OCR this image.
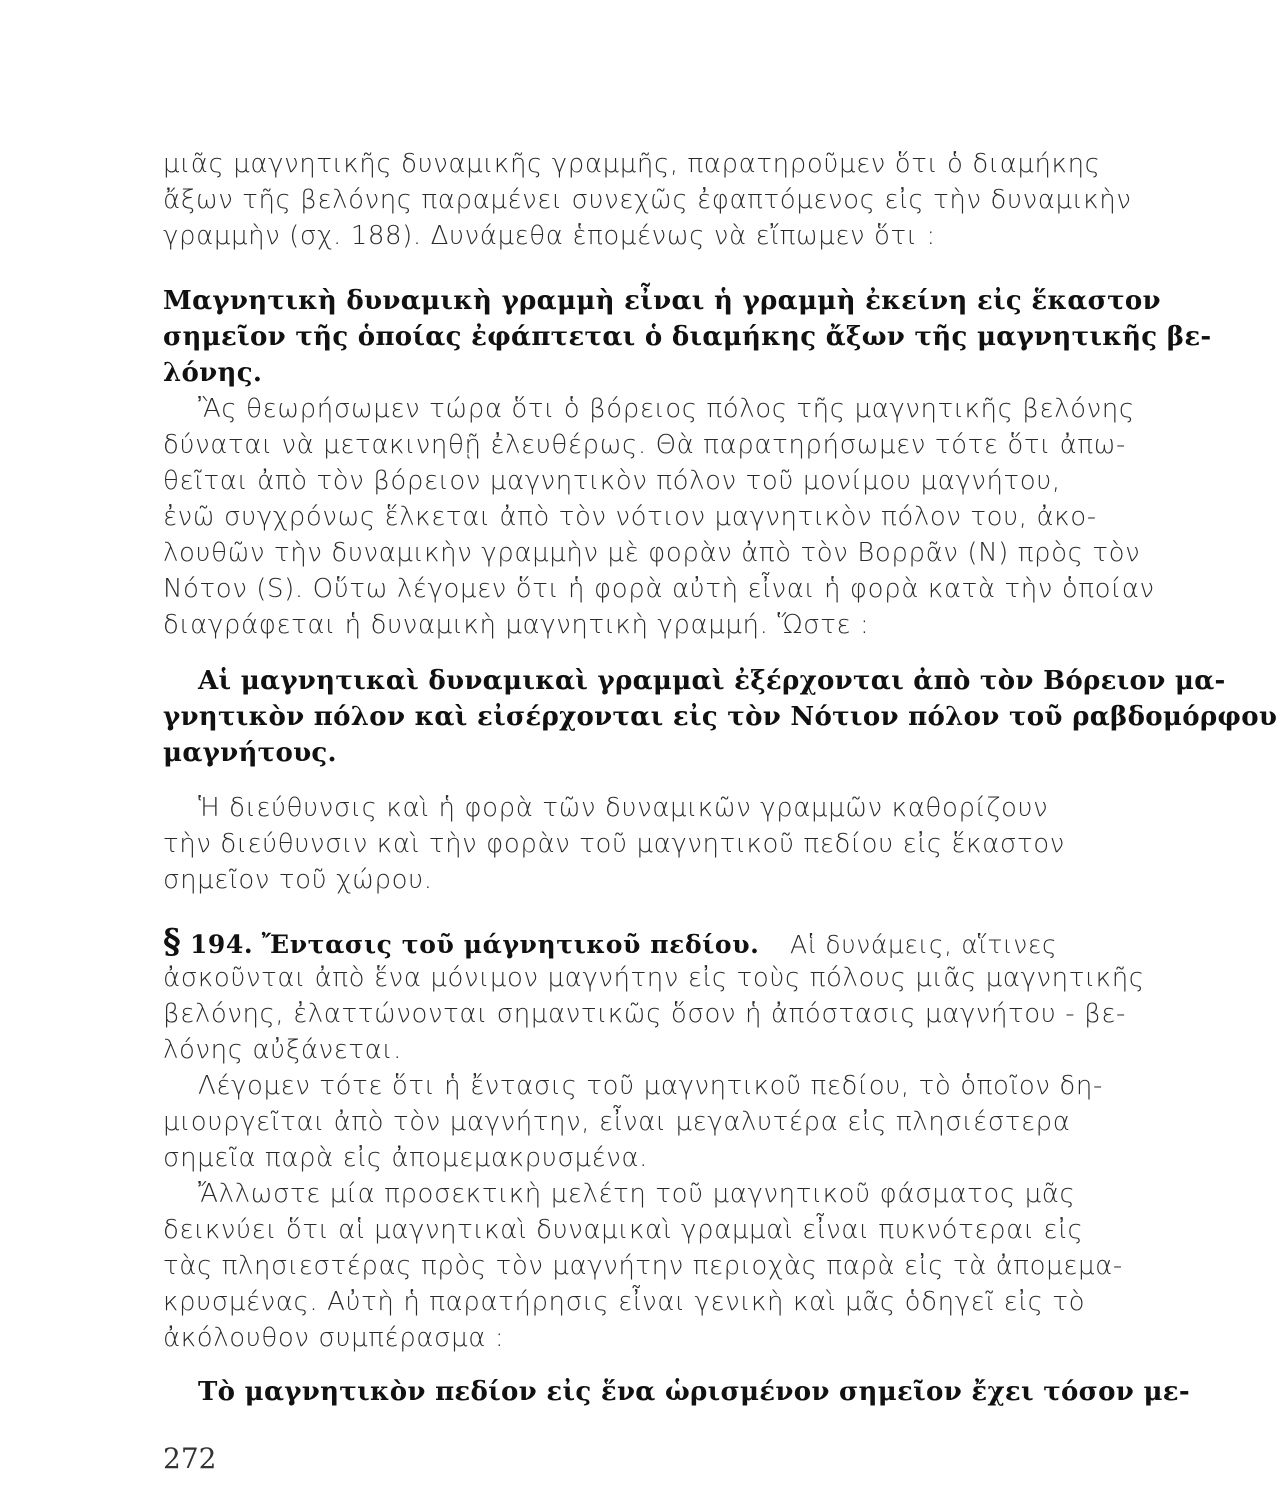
μιᾶς μαγνητικῆς δυναμικῆς γραμμῆς, παρατηροῦμεν ὅτι ὁ διαμήκης
ἄξων τῆς βελόνης παραμένει συνεχῶς ἐφαπτόμενος εἰς τὴν δυναμικὴν
γραμμὴν (σχ. 188). Δυνάμεθα ἑπομένως νὰ εἴπωμεν ὅτι :
Μαγνητικὴ δυναμικὴ γραμμὴ εἶναι ἡ γραμμὴ ἐκείνη εἰς ἕκαστον
σημεῖον τῆς ὁποίας ἐφάπτεται ὁ διαμήκης ἄξων τῆς μαγνητικῆς βε-
λόνης.
Ἂς θεωρήσωμεν τώρα ὅτι ὁ βόρειος πόλος τῆς μαγνητικῆς βελόνης
δύναται νὰ μετακινηθῇ ἐλευθέρως. Θὰ παρατηρήσωμεν τότε ὅτι ἀπω-
θεῖται ἀπὸ τὸν βόρειον μαγνητικὸν πόλον τοῦ μονίμου μαγνήτου,
ἐνῶ συγχρόνως ἕλκεται ἀπὸ τὸν νότιον μαγνητικὸν πόλον του, ἀκο-
λουθῶν τὴν δυναμικὴν γραμμὴν μὲ φορὰν ἀπὸ τὸν Βορρᾶν (Ν) πρὸς τὸν
Νότον (S). Οὕτω λέγομεν ὅτι ἡ φορὰ αὐτὴ εἶναι ἡ φορὰ κατὰ τὴν ὁποίαν
διαγράφεται ἡ δυναμικὴ μαγνητικὴ γραμμή. Ὥστε :
Αἱ μαγνητικαὶ δυναμικαὶ γραμμαὶ ἐξέρχονται ἀπὸ τὸν Βόρειον μα-
γνητικὸν πόλον καὶ εἰσέρχονται εἰς τὸν Νότιον πόλον τοῦ ραβδομόρφου
μαγνήτους.
Ἡ διεύθυνσις καὶ ἡ φορὰ τῶν δυναμικῶν γραμμῶν καθορίζουν
τὴν διεύθυνσιν καὶ τὴν φορὰν τοῦ μαγνητικοῦ πεδίου εἰς ἕκαστον
σημεῖον τοῦ χώρου.
§ 194. Ἔντασις τοῦ μάγνητικοῦ πεδίου. Αἱ δυνάμεις, αἵτινες
ἀσκοῦνται ἀπὸ ἕνα μόνιμον μαγνήτην εἰς τοὺς πόλους μιᾶς μαγνητικῆς
βελόνης, ἐλαττώνονται σημαντικῶς ὅσον ἡ ἀπόστασις μαγνήτου - βε-
λόνης αὐξάνεται.
Λέγομεν τότε ὅτι ἡ ἔντασις τοῦ μαγνητικοῦ πεδίου, τὸ ὁποῖον δη-
μιουργεῖται ἀπὸ τὸν μαγνήτην, εἶναι μεγαλυτέρα εἰς πλησιέστερα
σημεῖα παρὰ εἰς ἀπομεμακρυσμένα.
Ἄλλωστε μία προσεκτικὴ μελέτη τοῦ μαγνητικοῦ φάσματος μᾶς
δεικνύει ὅτι αἱ μαγνητικαὶ δυναμικαὶ γραμμαὶ εἶναι πυκνότεραι εἰς
τὰς πλησιεστέρας πρὸς τὸν μαγνήτην περιοχὰς παρὰ εἰς τὰ ἀπομεμα-
κρυσμένας. Αὐτὴ ἡ παρατήρησις εἶναι γενικὴ καὶ μᾶς ὁδηγεῖ εἰς τὸ
ἀκόλουθον συμπέρασμα :
Τὸ μαγνητικὸν πεδίον εἰς ἕνα ὡρισμένον σημεῖον ἔχει τόσον με-
272
